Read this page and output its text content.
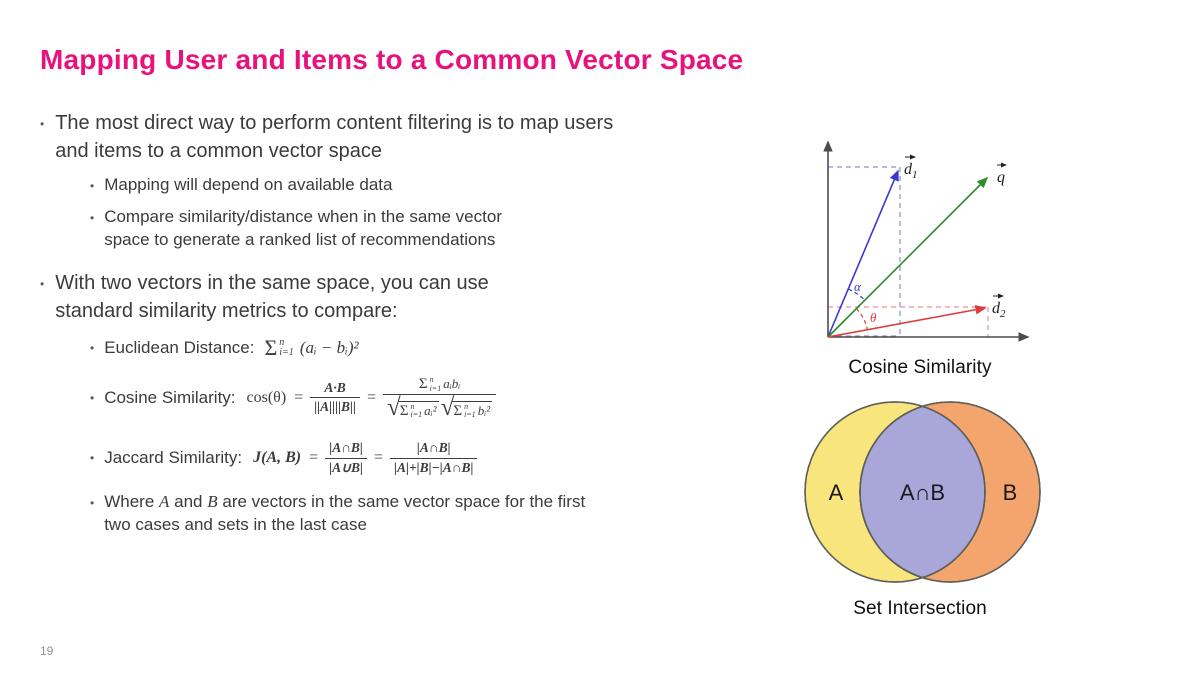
Mapping User and Items to a Common Vector Space
• The most direct way to perform content filtering is to map users and items to a common vector space
• Mapping will depend on available data
• Compare similarity/distance when in the same vector space to generate a ranked list of recommendations
• With two vectors in the same space, you can use standard similarity metrics to compare:
• Euclidean Distance: Σ n
i=1 (aᵢ − bᵢ)²
• Cosine Similarity: $\cos(\theta) = \frac{A\cdot B}{||A||||B||}$ =
Σ n
i=1 aᵢbᵢ
√ Σ n
i=1 aᵢ² √ Σ n
i=1 bᵢ²
• Jaccard Similarity: J(A, $B) = \frac{|A\cap B|}{|A\cup B|} = \frac{|A\cap B|}{|A|+|B|-|A\cap B|}$
• Where A and B are vectors in the same vector space for the first two cases and sets in the last case
$d_1$	q
$d_2$
α
θ
Cosine Similarity
A	A∩B	B
Set Intersection
19
